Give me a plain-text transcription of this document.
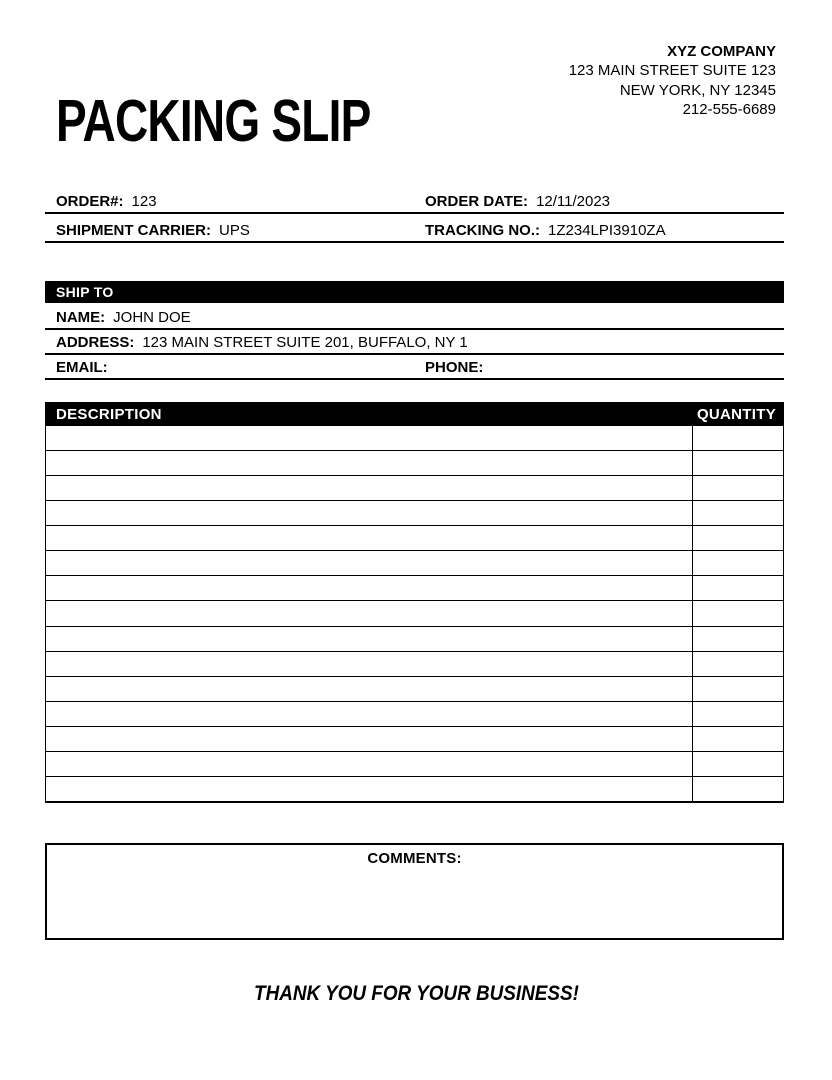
PACKING SLIP
XYZ COMPANY
123 MAIN STREET SUITE 123
NEW YORK, NY 12345
212-555-6689
ORDER#: 123	ORDER DATE: 12/11/2023
SHIPMENT CARRIER: UPS	TRACKING NO.: 1Z234LPI3910ZA
SHIP TO
NAME: JOHN DOE
ADDRESS: 123 MAIN STREET SUITE 201, BUFFALO, NY 1
EMAIL:	PHONE:
DESCRIPTION	QUANTITY
COMMENTS:
THANK YOU FOR YOUR BUSINESS!
